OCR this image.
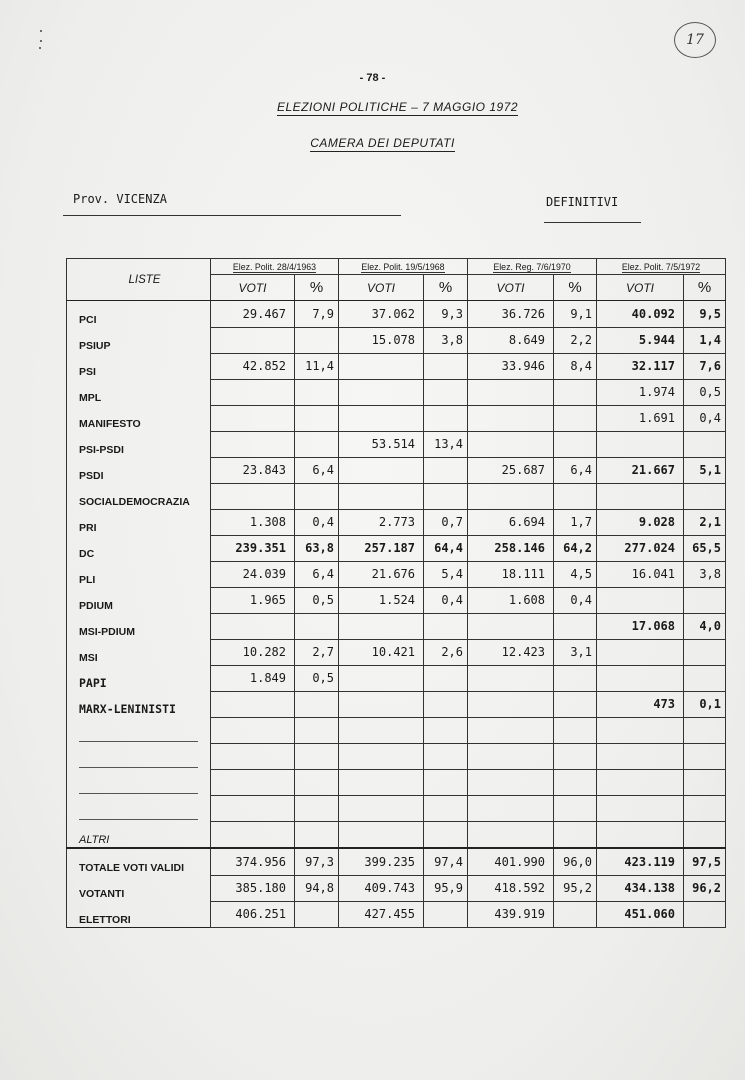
- 78 -
ELEZIONI POLITICHE – 7 MAGGIO 1972
CAMERA DEI DEPUTATI
17
Prov. VICENZA	DEFINITIVI
LISTE	Elez. Polit. 28/4/1963		Elez. Polit. 19/5/1968		Elez. Reg. 7/6/1970		Elez. Polit. 7/5/1972	
	VOTI	%	VOTI	%	VOTI	%	VOTI	%
PCI	29.467	7,9	37.062	9,3	36.726	9,1	40.092	9,5
PSIUP			15.078	3,8	8.649	2,2	5.944	1,4
PSI	42.852	11,4			33.946	8,4	32.117	7,6
MPL							1.974	0,5
MANIFESTO							1.691	0,4
PSI-PSDI			53.514	13,4				
PSDI	23.843	6,4			25.687	6,4	21.667	5,1
SOCIALDEMOCRAZIA								
PRI	1.308	0,4	2.773	0,7	6.694	1,7	9.028	2,1
DC	239.351	63,8	257.187	64,4	258.146	64,2	277.024	65,5
PLI	24.039	6,4	21.676	5,4	18.111	4,5	16.041	3,8
PDIUM	1.965	0,5	1.524	0,4	1.608	0,4		
MSI-PDIUM							17.068	4,0
MSI	10.282	2,7	10.421	2,6	12.423	3,1		
PAPI	1.849	0,5						
MARX-LENINISTI							473	0,1

ALTRI								
TOTALE VOTI VALIDI	374.956	97,3	399.235	97,4	401.990	96,0	423.119	97,5
VOTANTI	385.180	94,8	409.743	95,9	418.592	95,2	434.138	96,2
ELETTORI	406.251		427.455		439.919		451.060	
